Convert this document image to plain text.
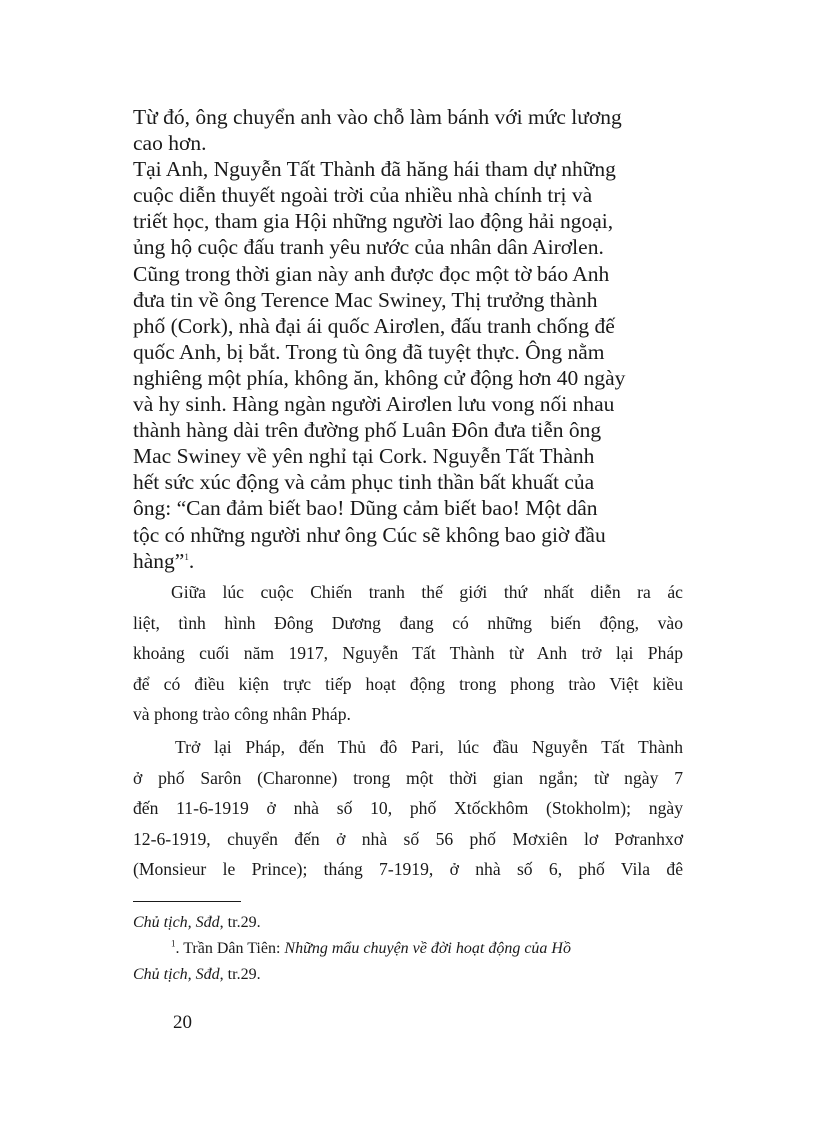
Từ đó, ông chuyển anh vào chỗ làm bánh với mức lương
cao hơn.
Tại Anh, Nguyễn Tất Thành đã hăng hái tham dự những
cuộc diễn thuyết ngoài trời của nhiều nhà chính trị và
triết học, tham gia Hội những người lao động hải ngoại,
ủng hộ cuộc đấu tranh yêu nước của nhân dân Airơlen.
Cũng trong thời gian này anh được đọc một tờ báo Anh
đưa tin về ông Terence Mac Swiney, Thị trưởng thành
phố (Cork), nhà đại ái quốc Airơlen, đấu tranh chống đế
quốc Anh, bị bắt. Trong tù ông đã tuyệt thực. Ông nằm
nghiêng một phía, không ăn, không cử động hơn 40 ngày
và hy sinh. Hàng ngàn người Airơlen lưu vong nối nhau
thành hàng dài trên đường phố Luân Đôn đưa tiễn ông
Mac Swiney về yên nghỉ tại Cork. Nguyễn Tất Thành
hết sức xúc động và cảm phục tinh thần bất khuất của
ông: “Can đảm biết bao! Dũng cảm biết bao! Một dân
tộc có những người như ông Cúc sẽ không bao giờ đầu
hàng”$^1$.
Giữa lúc cuộc Chiến tranh thế giới thứ nhất diễn ra ác
liệt, tình hình Đông Dương đang có những biến động, vào
khoảng cuối năm 1917, Nguyễn Tất Thành từ Anh trở lại Pháp
để có điều kiện trực tiếp hoạt động trong phong trào Việt kiều
và phong trào công nhân Pháp.
Trở lại Pháp, đến Thủ đô Pari, lúc đầu Nguyễn Tất Thành
ở phố Sarôn (Charonne) trong một thời gian ngắn; từ ngày 7
đến 11-6-1919 ở nhà số 10, phố Xtốckhôm (Stokholm); ngày
12-6-1919, chuyển đến ở nhà số 56 phố Mơxiên lơ Pơranhxơ
(Monsieur le Prince); tháng 7-1919, ở nhà số 6, phố Vila đê
Chủ tịch, Sđd, tr.29.
$^1$. Trần Dân Tiên: Những mẩu chuyện về đời hoạt động của Hồ
Chủ tịch, Sđd, tr.29.
20
